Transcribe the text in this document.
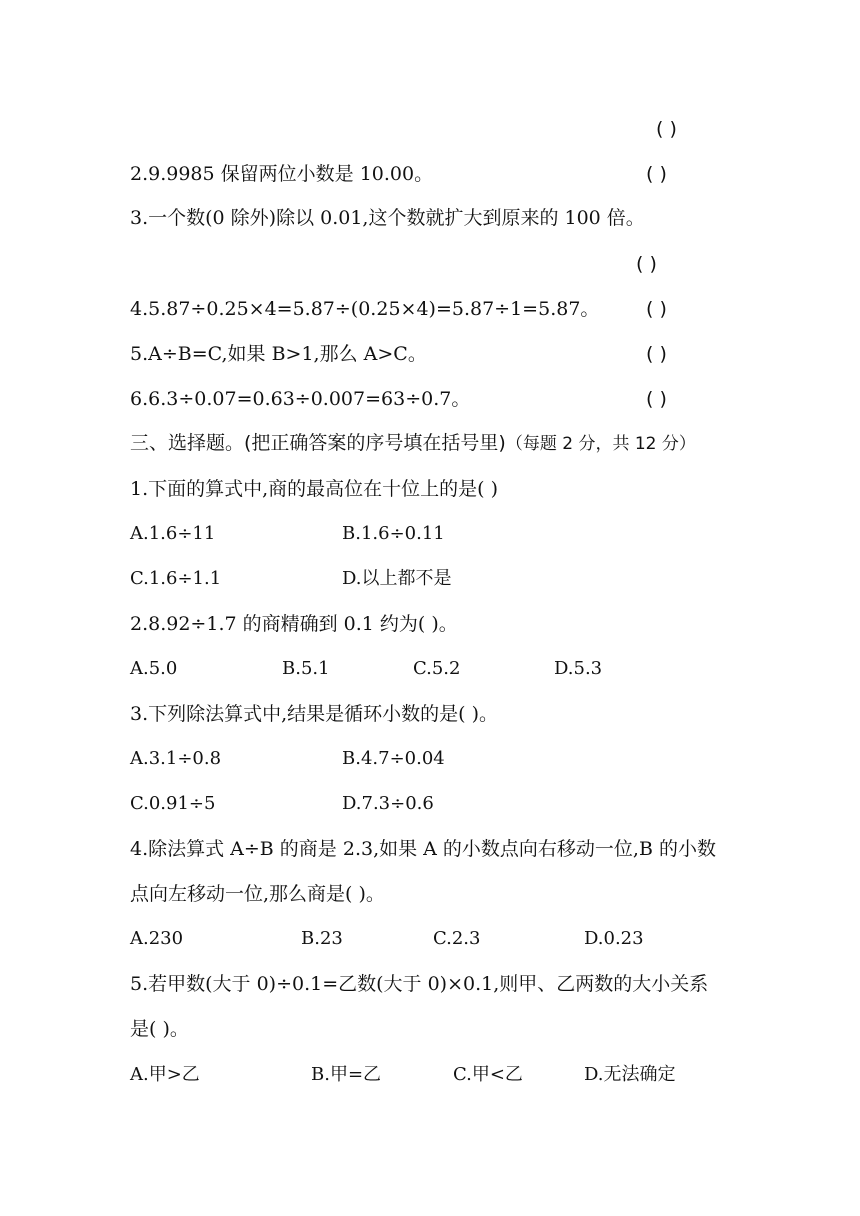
( )
2.9.9985 保留两位小数是 10.00。	( )
3.一个数(0 除外)除以 0.01,这个数就扩大到原来的 100 倍。
( )
4.5.87÷0.25×4=5.87÷(0.25×4)=5.87÷1=5.87。 ( )
5.A÷B=C,如果 B>1,那么 A>C。	( )
6.6.3÷0.07=0.63÷0.007=63÷0.7。	( )
三、选择题。(把正确答案的序号填在括号里)（每题 2 分，共 12 分）
1.下面的算式中,商的最高位在十位上的是( )
A.1.6÷11	B.1.6÷0.11
C.1.6÷1.1	D.以上都不是
2.8.92÷1.7 的商精确到 0.1 约为( )。
A.5.0	B.5.1	C.5.2	D.5.3
3.下列除法算式中,结果是循环小数的是( )。
A.3.1÷0.8	B.4.7÷0.04
C.0.91÷5	D.7.3÷0.6
4.除法算式 A÷B 的商是 2.3,如果 A 的小数点向右移动一位,B 的小数
点向左移动一位,那么商是( )。
A.230	B.23	C.2.3	D.0.23
5.若甲数(大于 0)÷0.1=乙数(大于 0)×0.1,则甲、乙两数的大小关系
是( )。
A.甲>乙	B.甲=乙	C.甲<乙	D.无法确定
